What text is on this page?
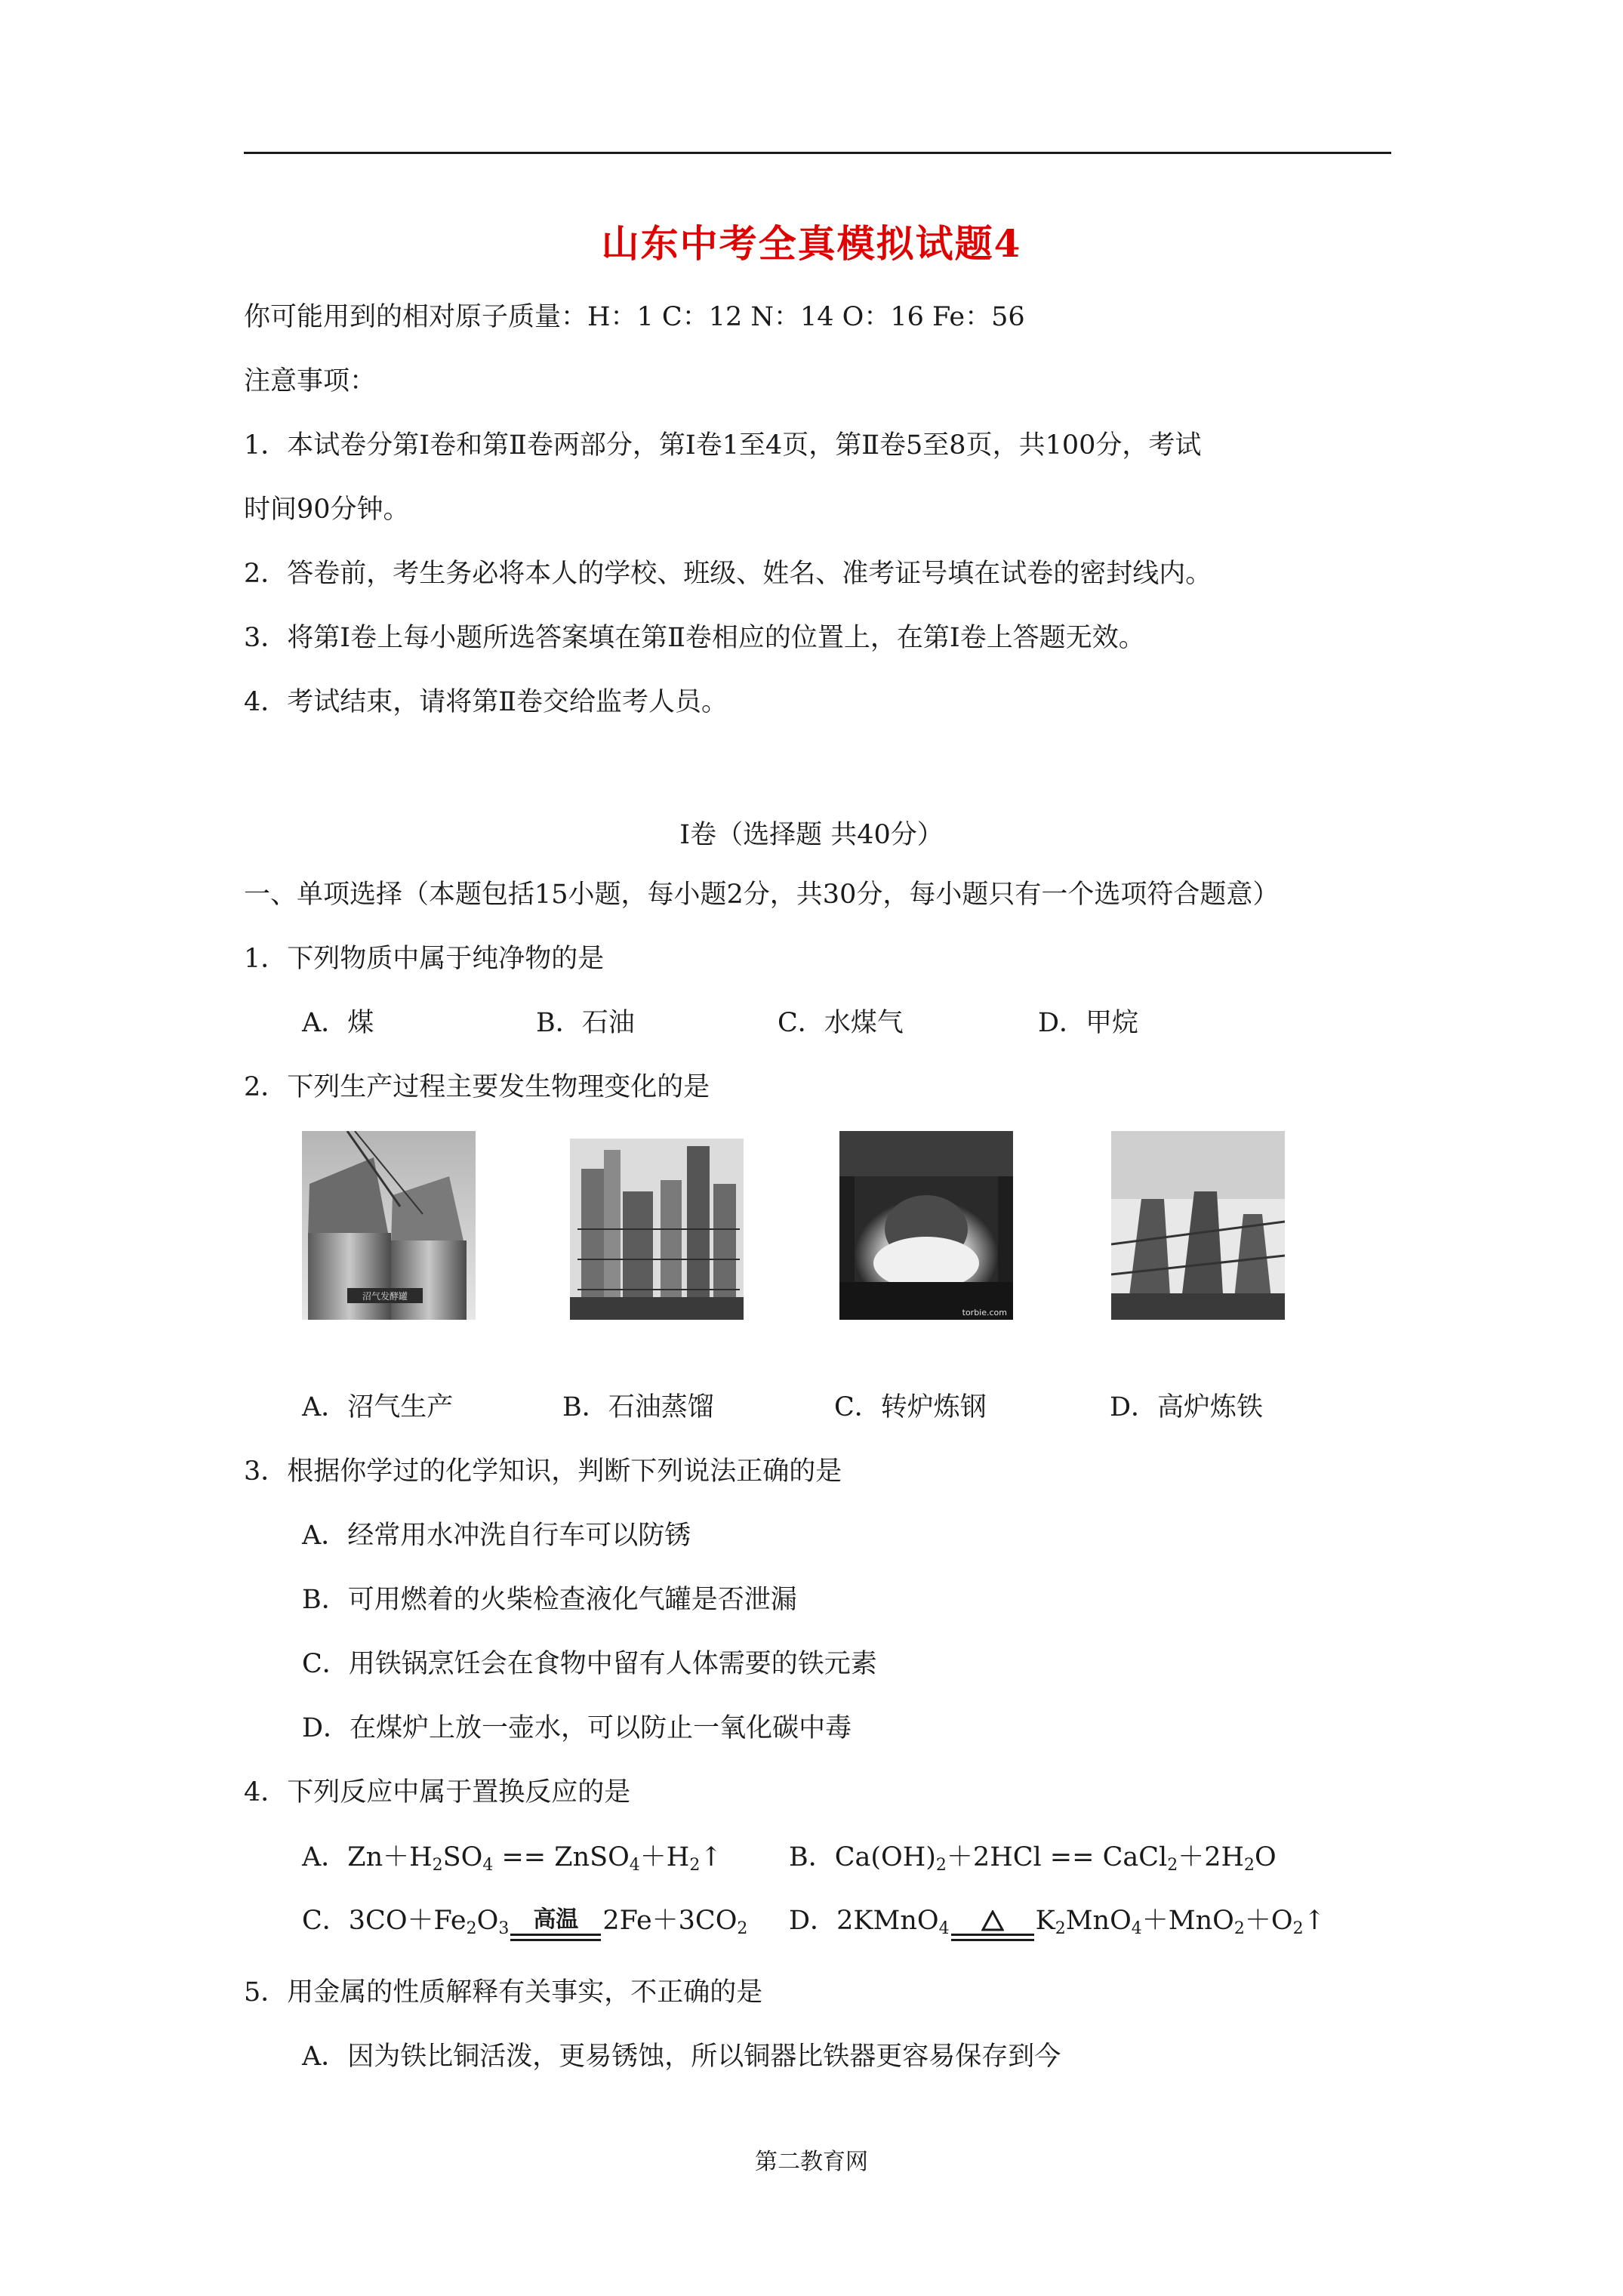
山东中考全真模拟试题4
你可能用到的相对原子质量：H：1 C：12 N：14 O：16 Fe：56
注意事项：
1．本试卷分第Ⅰ卷和第Ⅱ卷两部分，第Ⅰ卷1至4页，第Ⅱ卷5至8页，共100分，考试
时间90分钟。
2．答卷前，考生务必将本人的学校、班级、姓名、准考证号填在试卷的密封线内。
3．将第Ⅰ卷上每小题所选答案填在第Ⅱ卷相应的位置上，在第Ⅰ卷上答题无效。
4．考试结束，请将第Ⅱ卷交给监考人员。
Ⅰ卷（选择题 共40分）
一、单项选择（本题包括15小题，每小题2分，共30分，每小题只有一个选项符合题意）
1．下列物质中属于纯净物的是
A．煤	B．石油	C．水煤气	D．甲烷
2．下列生产过程主要发生物理变化的是
沼气发酵罐
torbie.com
A．沼气生产	B．石油蒸馏	C．转炉炼钢	D．高炉炼铁
3．根据你学过的化学知识，判断下列说法正确的是
A．经常用水冲洗自行车可以防锈
B．可用燃着的火柴检查液化气罐是否泄漏
C．用铁锅烹饪会在食物中留有人体需要的铁元素
D．在煤炉上放一壶水，可以防止一氧化碳中毒
4．下列反应中属于置换反应的是
A．$Zn+H_2SO_4$ == $ZnSO_4+H_2↑$	B．$Ca(OH)_2+2HCl$ == $CaCl_2+2H_2O$
C．$3CO+Fe_2O_3$	高温 $2Fe+3CO_2$ D．2KMnO$_4$	$K_2MnO_4+MnO_2+O_2↑$
5．用金属的性质解释有关事实，不正确的是
A．因为铁比铜活泼，更易锈蚀，所以铜器比铁器更容易保存到今
第二教育网
